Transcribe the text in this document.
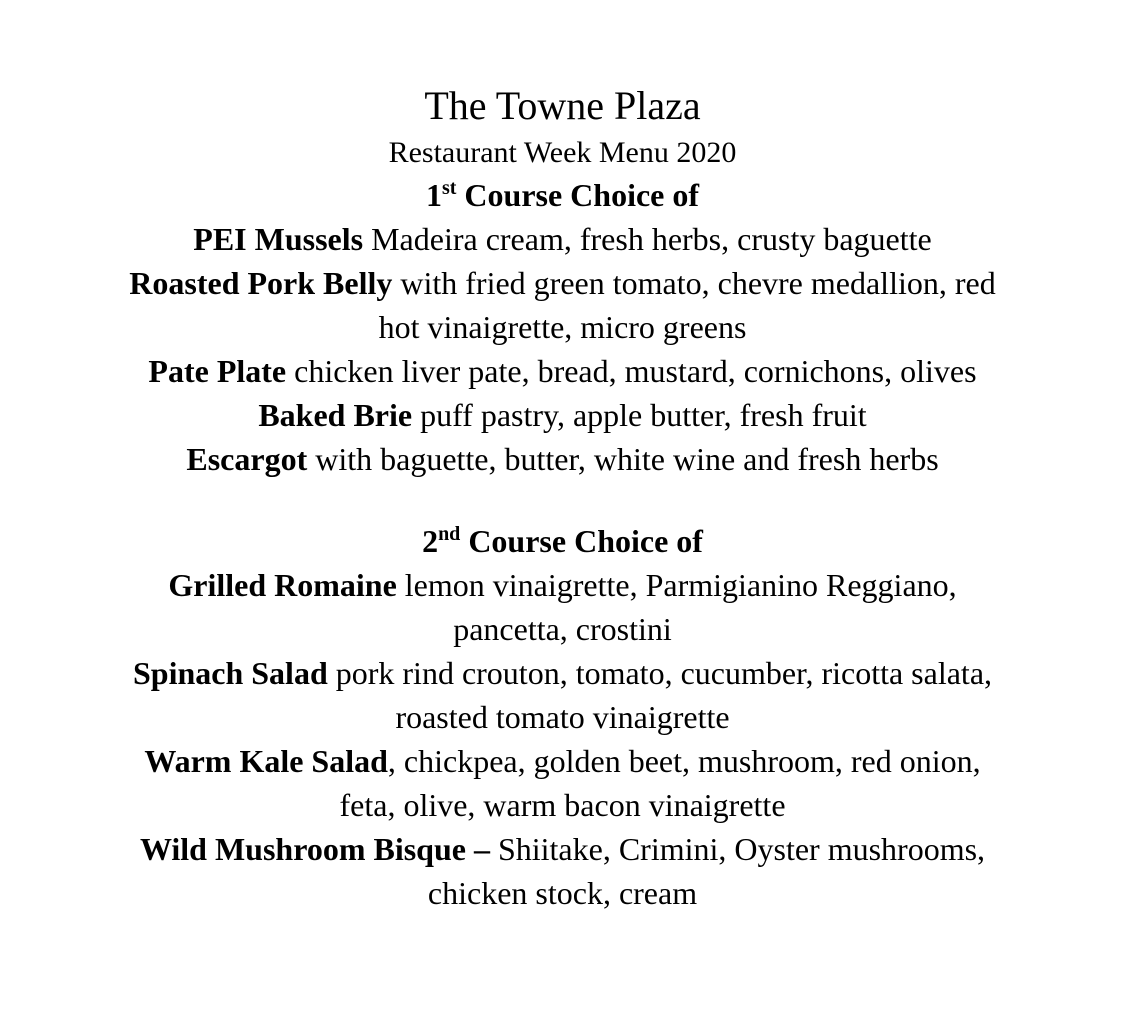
The Towne Plaza
Restaurant Week Menu 2020
1st Course Choice of
PEI Mussels Madeira cream, fresh herbs, crusty baguette
Roasted Pork Belly with fried green tomato, chevre medallion, red hot vinaigrette, micro greens
Pate Plate chicken liver pate, bread, mustard, cornichons, olives
Baked Brie puff pastry, apple butter, fresh fruit
Escargot with baguette, butter, white wine and fresh herbs
2nd Course Choice of
Grilled Romaine lemon vinaigrette, Parmigianino Reggiano, pancetta, crostini
Spinach Salad pork rind crouton, tomato, cucumber, ricotta salata, roasted tomato vinaigrette
Warm Kale Salad, chickpea, golden beet, mushroom, red onion, feta, olive, warm bacon vinaigrette
Wild Mushroom Bisque – Shiitake, Crimini, Oyster mushrooms, chicken stock, cream
